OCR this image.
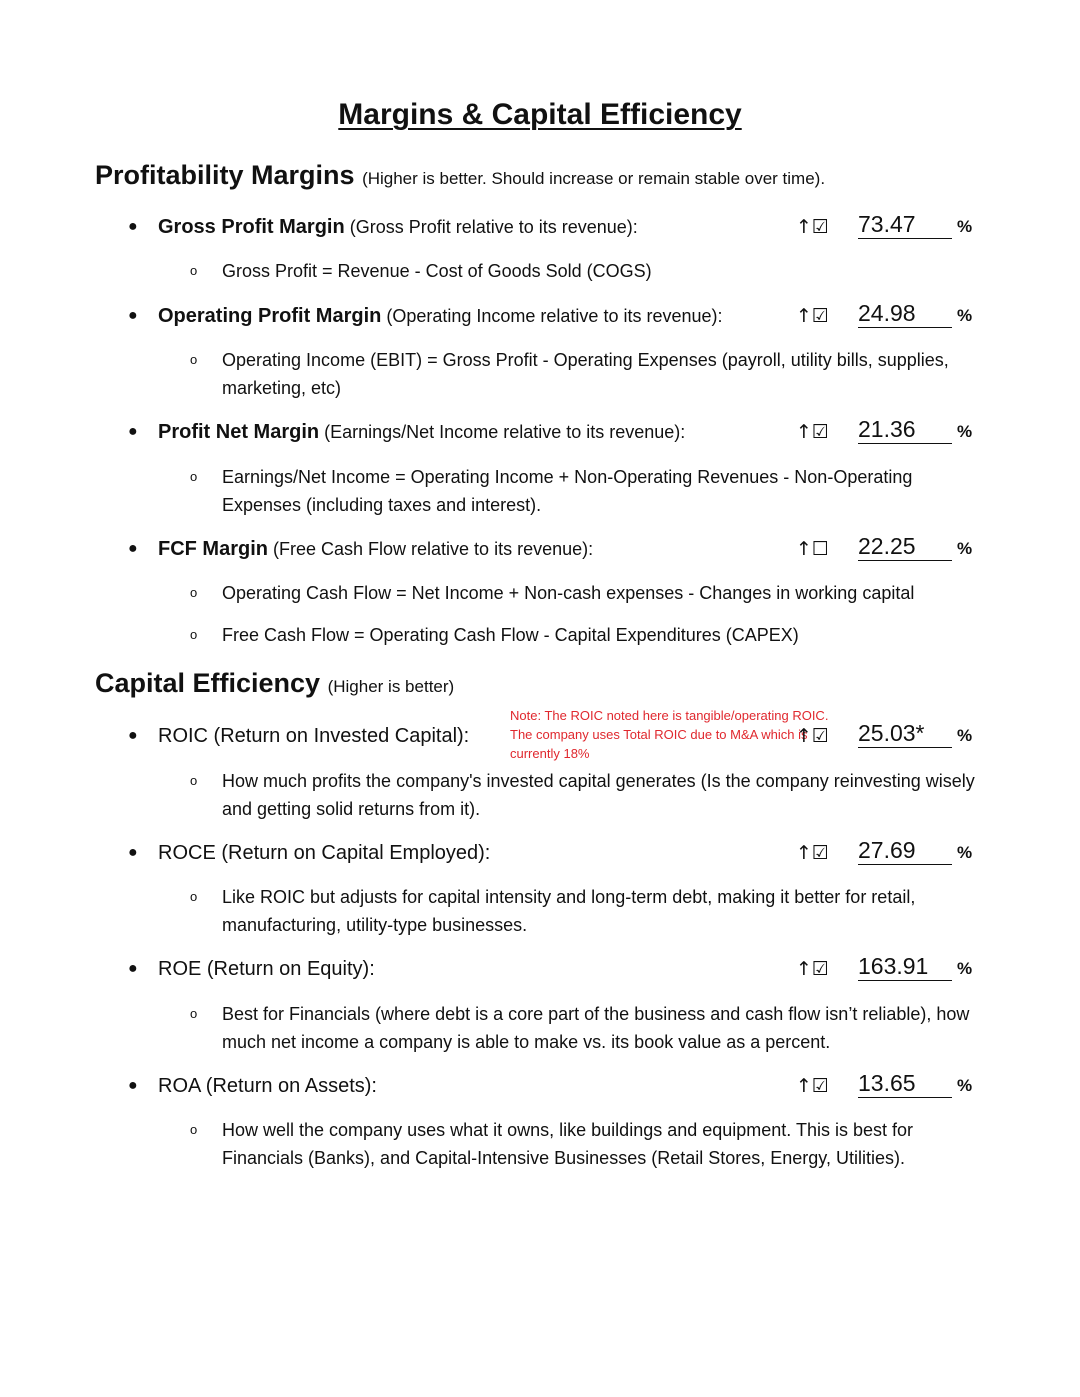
Margins & Capital Efficiency
Profitability Margins (Higher is better. Should increase or remain stable over time).
● Gross Profit Margin (Gross Profit relative to its revenue):	↑☑ 73.47	%
o Gross Profit = Revenue - Cost of Goods Sold (COGS)
● Operating Profit Margin (Operating Income relative to its revenue):	↑☑ 24.98	%
o Operating Income (EBIT) = Gross Profit - Operating Expenses (payroll, utility bills, supplies, marketing, etc)
● Profit Net Margin (Earnings/Net Income relative to its revenue):	↑☑ 21.36	%
o Earnings/Net Income = Operating Income + Non-Operating Revenues - Non-Operating Expenses (including taxes and interest).
● FCF Margin (Free Cash Flow relative to its revenue):	↑☐ 22.25	%
o Operating Cash Flow = Net Income + Non-cash expenses - Changes in working capital
o Free Cash Flow = Operating Cash Flow - Capital Expenditures (CAPEX)
Capital Efficiency (Higher is better)
Note: The ROIC noted here is tangible/operating ROIC. The company uses Total ROIC due to M&A which is currently 18%
● ROIC (Return on Invested Capital):	↑☑ 25.03*	%
o How much profits the company's invested capital generates (Is the company reinvesting wisely and getting solid returns from it).
● ROCE (Return on Capital Employed):	↑☑ 27.69	%
o Like ROIC but adjusts for capital intensity and long-term debt, making it better for retail, manufacturing, utility-type businesses.
● ROE (Return on Equity):	↑☑ 163.91	%
o Best for Financials (where debt is a core part of the business and cash flow isn’t reliable), how much net income a company is able to make vs. its book value as a percent.
● ROA (Return on Assets):	↑☑ 13.65	%
o How well the company uses what it owns, like buildings and equipment. This is best for Financials (Banks), and Capital-Intensive Businesses (Retail Stores, Energy, Utilities).
